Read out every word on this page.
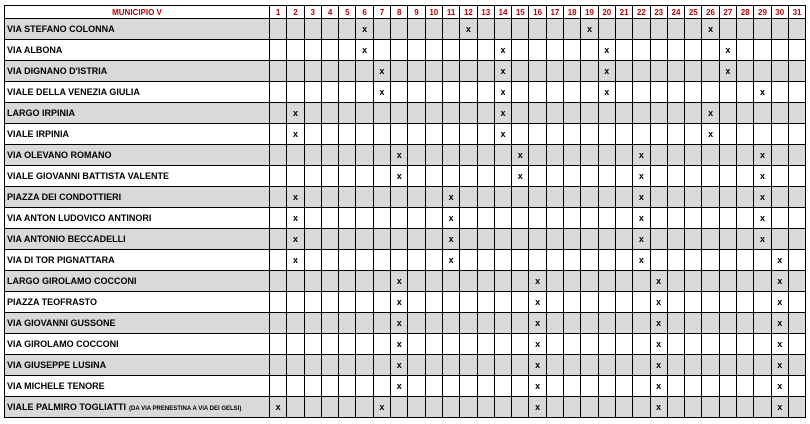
MUNICIPIO V	1	2	3	4	5	6	7	8	9	10	11	12	13	14	15	16	17	18	19	20	21	22	23	24	25	26	27	28	29	30	31
VIA STEFANO COLONNA						x						x							x							x					
VIA ALBONA						x								x						x							x				
VIA DIGNANO D'ISTRIA							x							x						x							x				
VIALE DELLA VENEZIA GIULIA							x							x						x									x		
LARGO IRPINIA		x												x												x					
VIALE IRPINIA		x												x												x					
VIA OLEVANO ROMANO								x							x							x							x		
VIALE GIOVANNI BATTISTA VALENTE								x							x							x							x		
PIAZZA DEI CONDOTTIERI		x									x											x							x		
VIA ANTON LUDOVICO ANTINORI		x									x											x							x		
VIA ANTONIO BECCADELLI		x									x											x							x		
VIA DI TOR PIGNATTARA		x									x											x								x	
LARGO GIROLAMO COCCONI								x								x							x							x	
PIAZZA TEOFRASTO								x								x							x							x	
VIA GIOVANNI GUSSONE								x								x							x							x	
VIA GIROLAMO COCCONI								x								x							x							x	
VIA GIUSEPPE LUSINA								x								x							x							x	
VIA MICHELE TENORE								x								x							x							x	
VIALE PALMIRO TOGLIATTI (DA VIA PRENESTINA A VIA DEI GELSI)	x						x									x							x							x	
